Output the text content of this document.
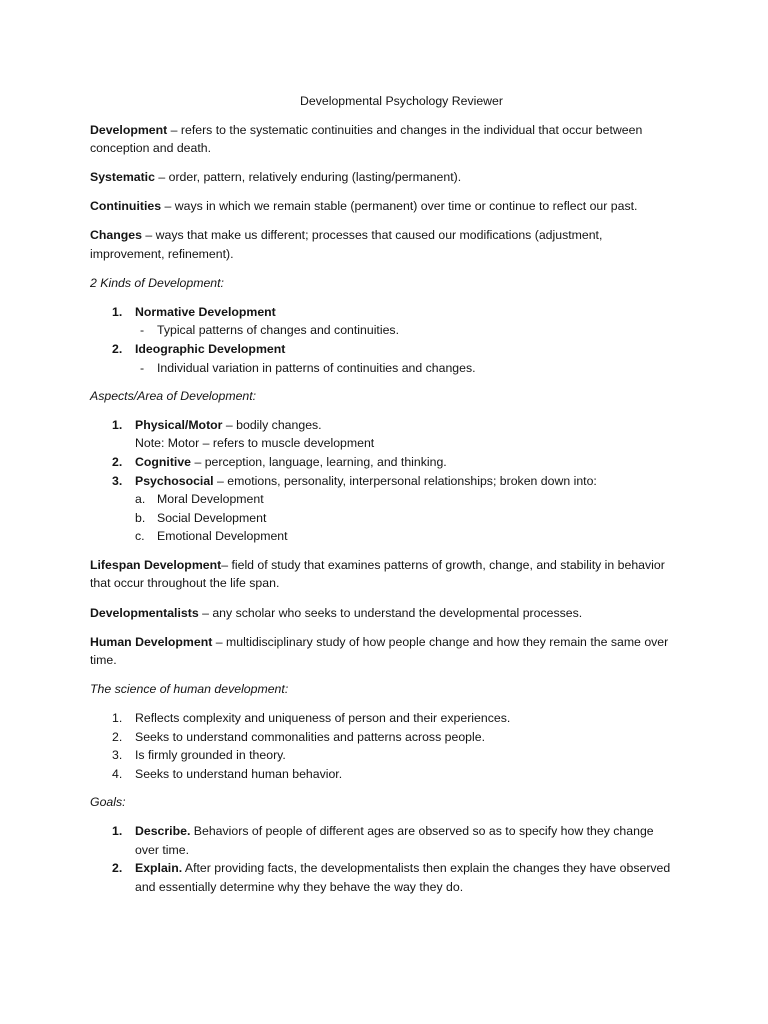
Developmental Psychology Reviewer

Development – refers to the systematic continuities and changes in the individual that occur between conception and death.

Systematic – order, pattern, relatively enduring (lasting/permanent).

Continuities – ways in which we remain stable (permanent) over time or continue to reflect our past.

Changes – ways that make us different; processes that caused our modifications (adjustment, improvement, refinement).

2 Kinds of Development:

1. Normative Development
- Typical patterns of changes and continuities.
2. Ideographic Development
- Individual variation in patterns of continuities and changes.

Aspects/Area of Development:

1. Physical/Motor – bodily changes.
Note: Motor – refers to muscle development
2. Cognitive – perception, language, learning, and thinking.
3. Psychosocial – emotions, personality, interpersonal relationships; broken down into:
a. Moral Development
b. Social Development
c. Emotional Development

Lifespan Development– field of study that examines patterns of growth, change, and stability in behavior that occur throughout the life span.

Developmentalists – any scholar who seeks to understand the developmental processes.

Human Development – multidisciplinary study of how people change and how they remain the same over time.

The science of human development:

1. Reflects complexity and uniqueness of person and their experiences.
2. Seeks to understand commonalities and patterns across people.
3. Is firmly grounded in theory.
4. Seeks to understand human behavior.

Goals:

1. Describe. Behaviors of people of different ages are observed so as to specify how they change over time.
2. Explain. After providing facts, the developmentalists then explain the changes they have observed and essentially determine why they behave the way they do.
